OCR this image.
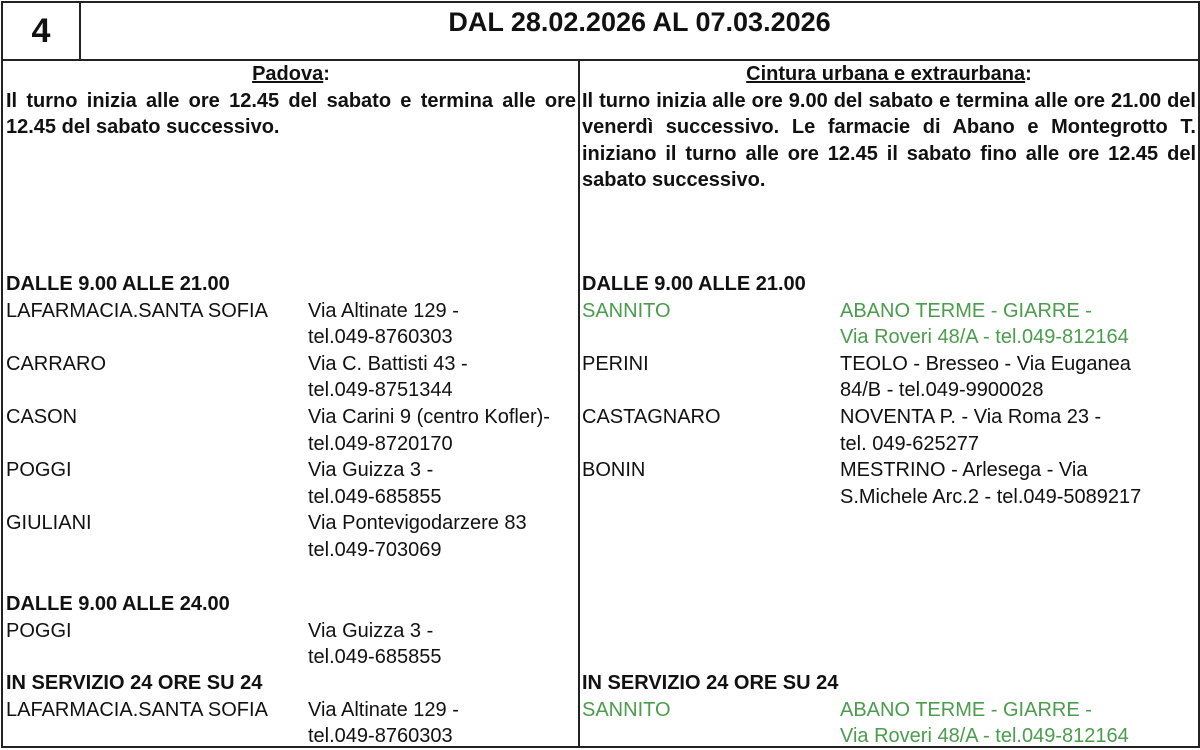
4	DAL 28.02.2026 AL 07.03.2026
Padova:
Il turno inizia alle ore 12.45 del sabato e termina alle ore 12.45 del sabato successivo.
DALLE 9.00 ALLE 21.00
LAFARMACIA.SANTA SOFIA	Via Altinate 129 -
tel.049-8760303
CARRARO	Via C. Battisti 43 -
tel.049-8751344
CASON	Via Carini 9 (centro Kofler)-
tel.049-8720170
POGGI	Via Guizza 3 -
tel.049-685855
GIULIANI	Via Pontevigodarzere 83
tel.049-703069
DALLE 9.00 ALLE 24.00
POGGI	Via Guizza 3 -
tel.049-685855
IN SERVIZIO 24 ORE SU 24
LAFARMACIA.SANTA SOFIA	Via Altinate 129 -
tel.049-8760303
Cintura urbana e extraurbana:
Il turno inizia alle ore 9.00 del sabato e termina alle ore 21.00 del venerdì successivo. Le farmacie di Abano e Montegrotto T. iniziano il turno alle ore 12.45 il sabato fino alle ore 12.45 del sabato successivo.
DALLE 9.00 ALLE 21.00
SANNITO	ABANO TERME - GIARRE -
Via Roveri 48/A - tel.049-812164
PERINI	TEOLO - Bresseo - Via Euganea
84/B - tel.049-9900028
CASTAGNARO	NOVENTA P. - Via Roma 23 -
tel. 049-625277
BONIN	MESTRINO - Arlesega - Via
S.Michele Arc.2 - tel.049-5089217
IN SERVIZIO 24 ORE SU 24
SANNITO	ABANO TERME - GIARRE -
Via Roveri 48/A - tel.049-812164
